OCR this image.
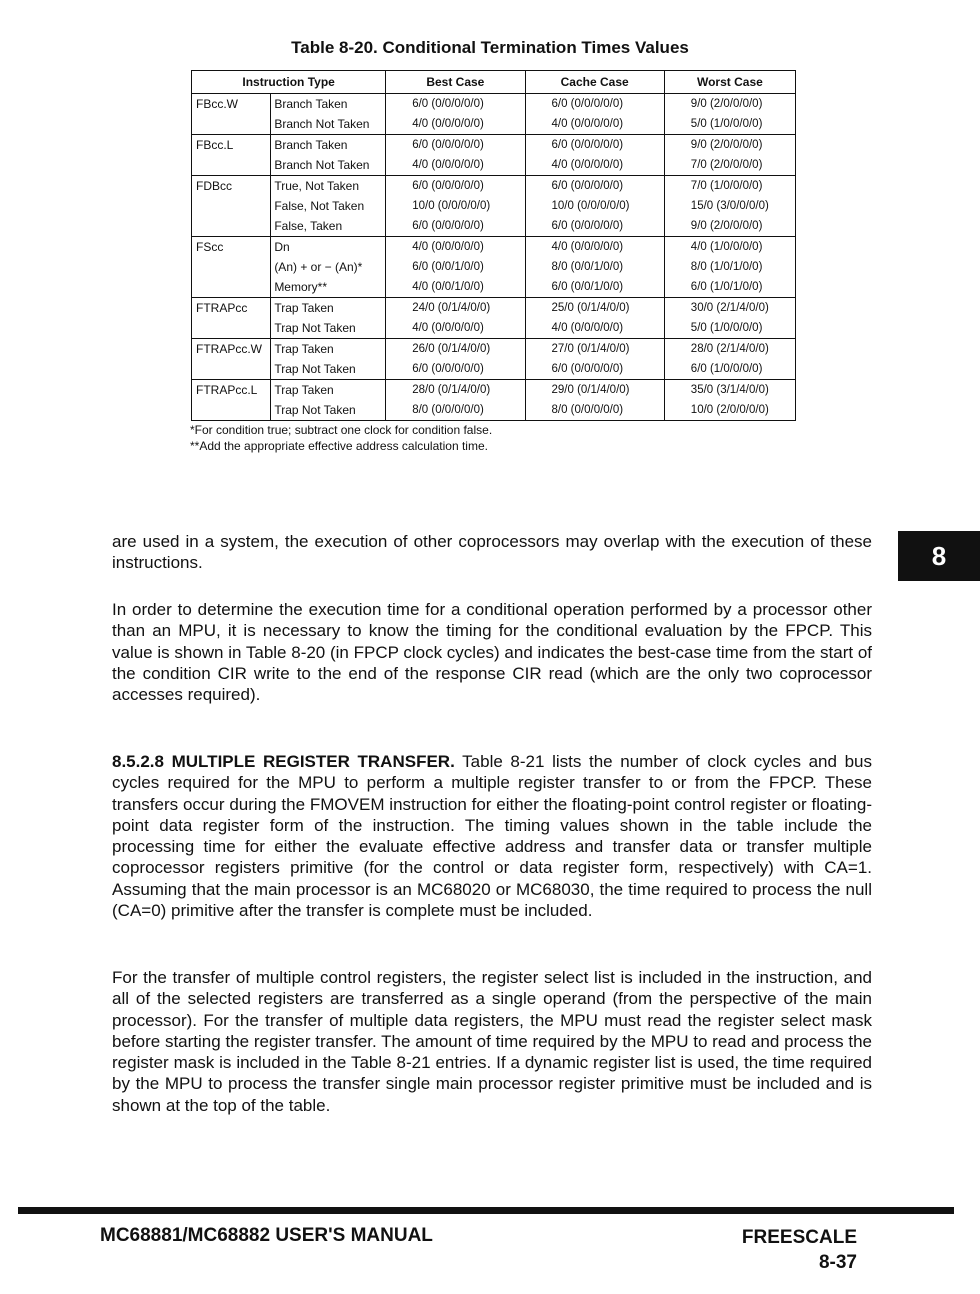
Table 8-20. Conditional Termination Times Values
Instruction Type		Best Case	Cache Case	Worst Case
FBcc.W	Branch Taken	6/0 (0/0/0/0/0)	6/0 (0/0/0/0/0)	9/0 (2/0/0/0/0)
	Branch Not Taken	4/0 (0/0/0/0/0)	4/0 (0/0/0/0/0)	5/0 (1/0/0/0/0)
FBcc.L	Branch Taken	6/0 (0/0/0/0/0)	6/0 (0/0/0/0/0)	9/0 (2/0/0/0/0)
	Branch Not Taken	4/0 (0/0/0/0/0)	4/0 (0/0/0/0/0)	7/0 (2/0/0/0/0)
FDBcc	True, Not Taken	6/0 (0/0/0/0/0)	6/0 (0/0/0/0/0)	7/0 (1/0/0/0/0)
	False, Not Taken	10/0 (0/0/0/0/0)	10/0 (0/0/0/0/0)	15/0 (3/0/0/0/0)
	False, Taken	6/0 (0/0/0/0/0)	6/0 (0/0/0/0/0)	9/0 (2/0/0/0/0)
FScc	Dn	4/0 (0/0/0/0/0)	4/0 (0/0/0/0/0)	4/0 (1/0/0/0/0)
	(An) + or − (An)*	6/0 (0/0/1/0/0)	8/0 (0/0/1/0/0)	8/0 (1/0/1/0/0)
	Memory**	4/0 (0/0/1/0/0)	6/0 (0/0/1/0/0)	6/0 (1/0/1/0/0)
FTRAPcc	Trap Taken	24/0 (0/1/4/0/0)	25/0 (0/1/4/0/0)	30/0 (2/1/4/0/0)
	Trap Not Taken	4/0 (0/0/0/0/0)	4/0 (0/0/0/0/0)	5/0 (1/0/0/0/0)
FTRAPcc.W	Trap Taken	26/0 (0/1/4/0/0)	27/0 (0/1/4/0/0)	28/0 (2/1/4/0/0)
	Trap Not Taken	6/0 (0/0/0/0/0)	6/0 (0/0/0/0/0)	6/0 (1/0/0/0/0)
FTRAPcc.L	Trap Taken	28/0 (0/1/4/0/0)	29/0 (0/1/4/0/0)	35/0 (3/1/4/0/0)
	Trap Not Taken	8/0 (0/0/0/0/0)	8/0 (0/0/0/0/0)	10/0 (2/0/0/0/0)
*For condition true; subtract one clock for condition false.
**Add the appropriate effective address calculation time.
8

are used in a system, the execution of other coprocessors may overlap with the execution of these instructions.

In order to determine the execution time for a conditional operation performed by a processor other than an MPU, it is necessary to know the timing for the conditional evaluation by the FPCP. This value is shown in Table 8-20 (in FPCP clock cycles) and indicates the best-case time from the start of the condition CIR write to the end of the response CIR read (which are the only two coprocessor accesses required).

8.5.2.8 MULTIPLE REGISTER TRANSFER. Table 8-21 lists the number of clock cycles and bus cycles required for the MPU to perform a multiple register transfer to or from the FPCP. These transfers occur during the FMOVEM instruction for either the floating-point control register or floating-point data register form of the instruction. The timing values shown in the table include the processing time for either the evaluate effective address and transfer data or transfer multiple coprocessor registers primitive (for the control or data register form, respectively) with CA=1. Assuming that the main processor is an MC68020 or MC68030, the time required to process the null (CA=0) primitive after the transfer is complete must be included.

For the transfer of multiple control registers, the register select list is included in the instruction, and all of the selected registers are transferred as a single operand (from the perspective of the main processor). For the transfer of multiple data registers, the MPU must read the register select mask before starting the register transfer. The amount of time required by the MPU to read and process the register mask is included in the Table 8-21 entries. If a dynamic register list is used, the time required by the MPU to process the transfer single main processor register primitive must be included and is shown at the top of the table.

MC68881/MC68882 USER'S MANUAL	FREESCALE
8-37
